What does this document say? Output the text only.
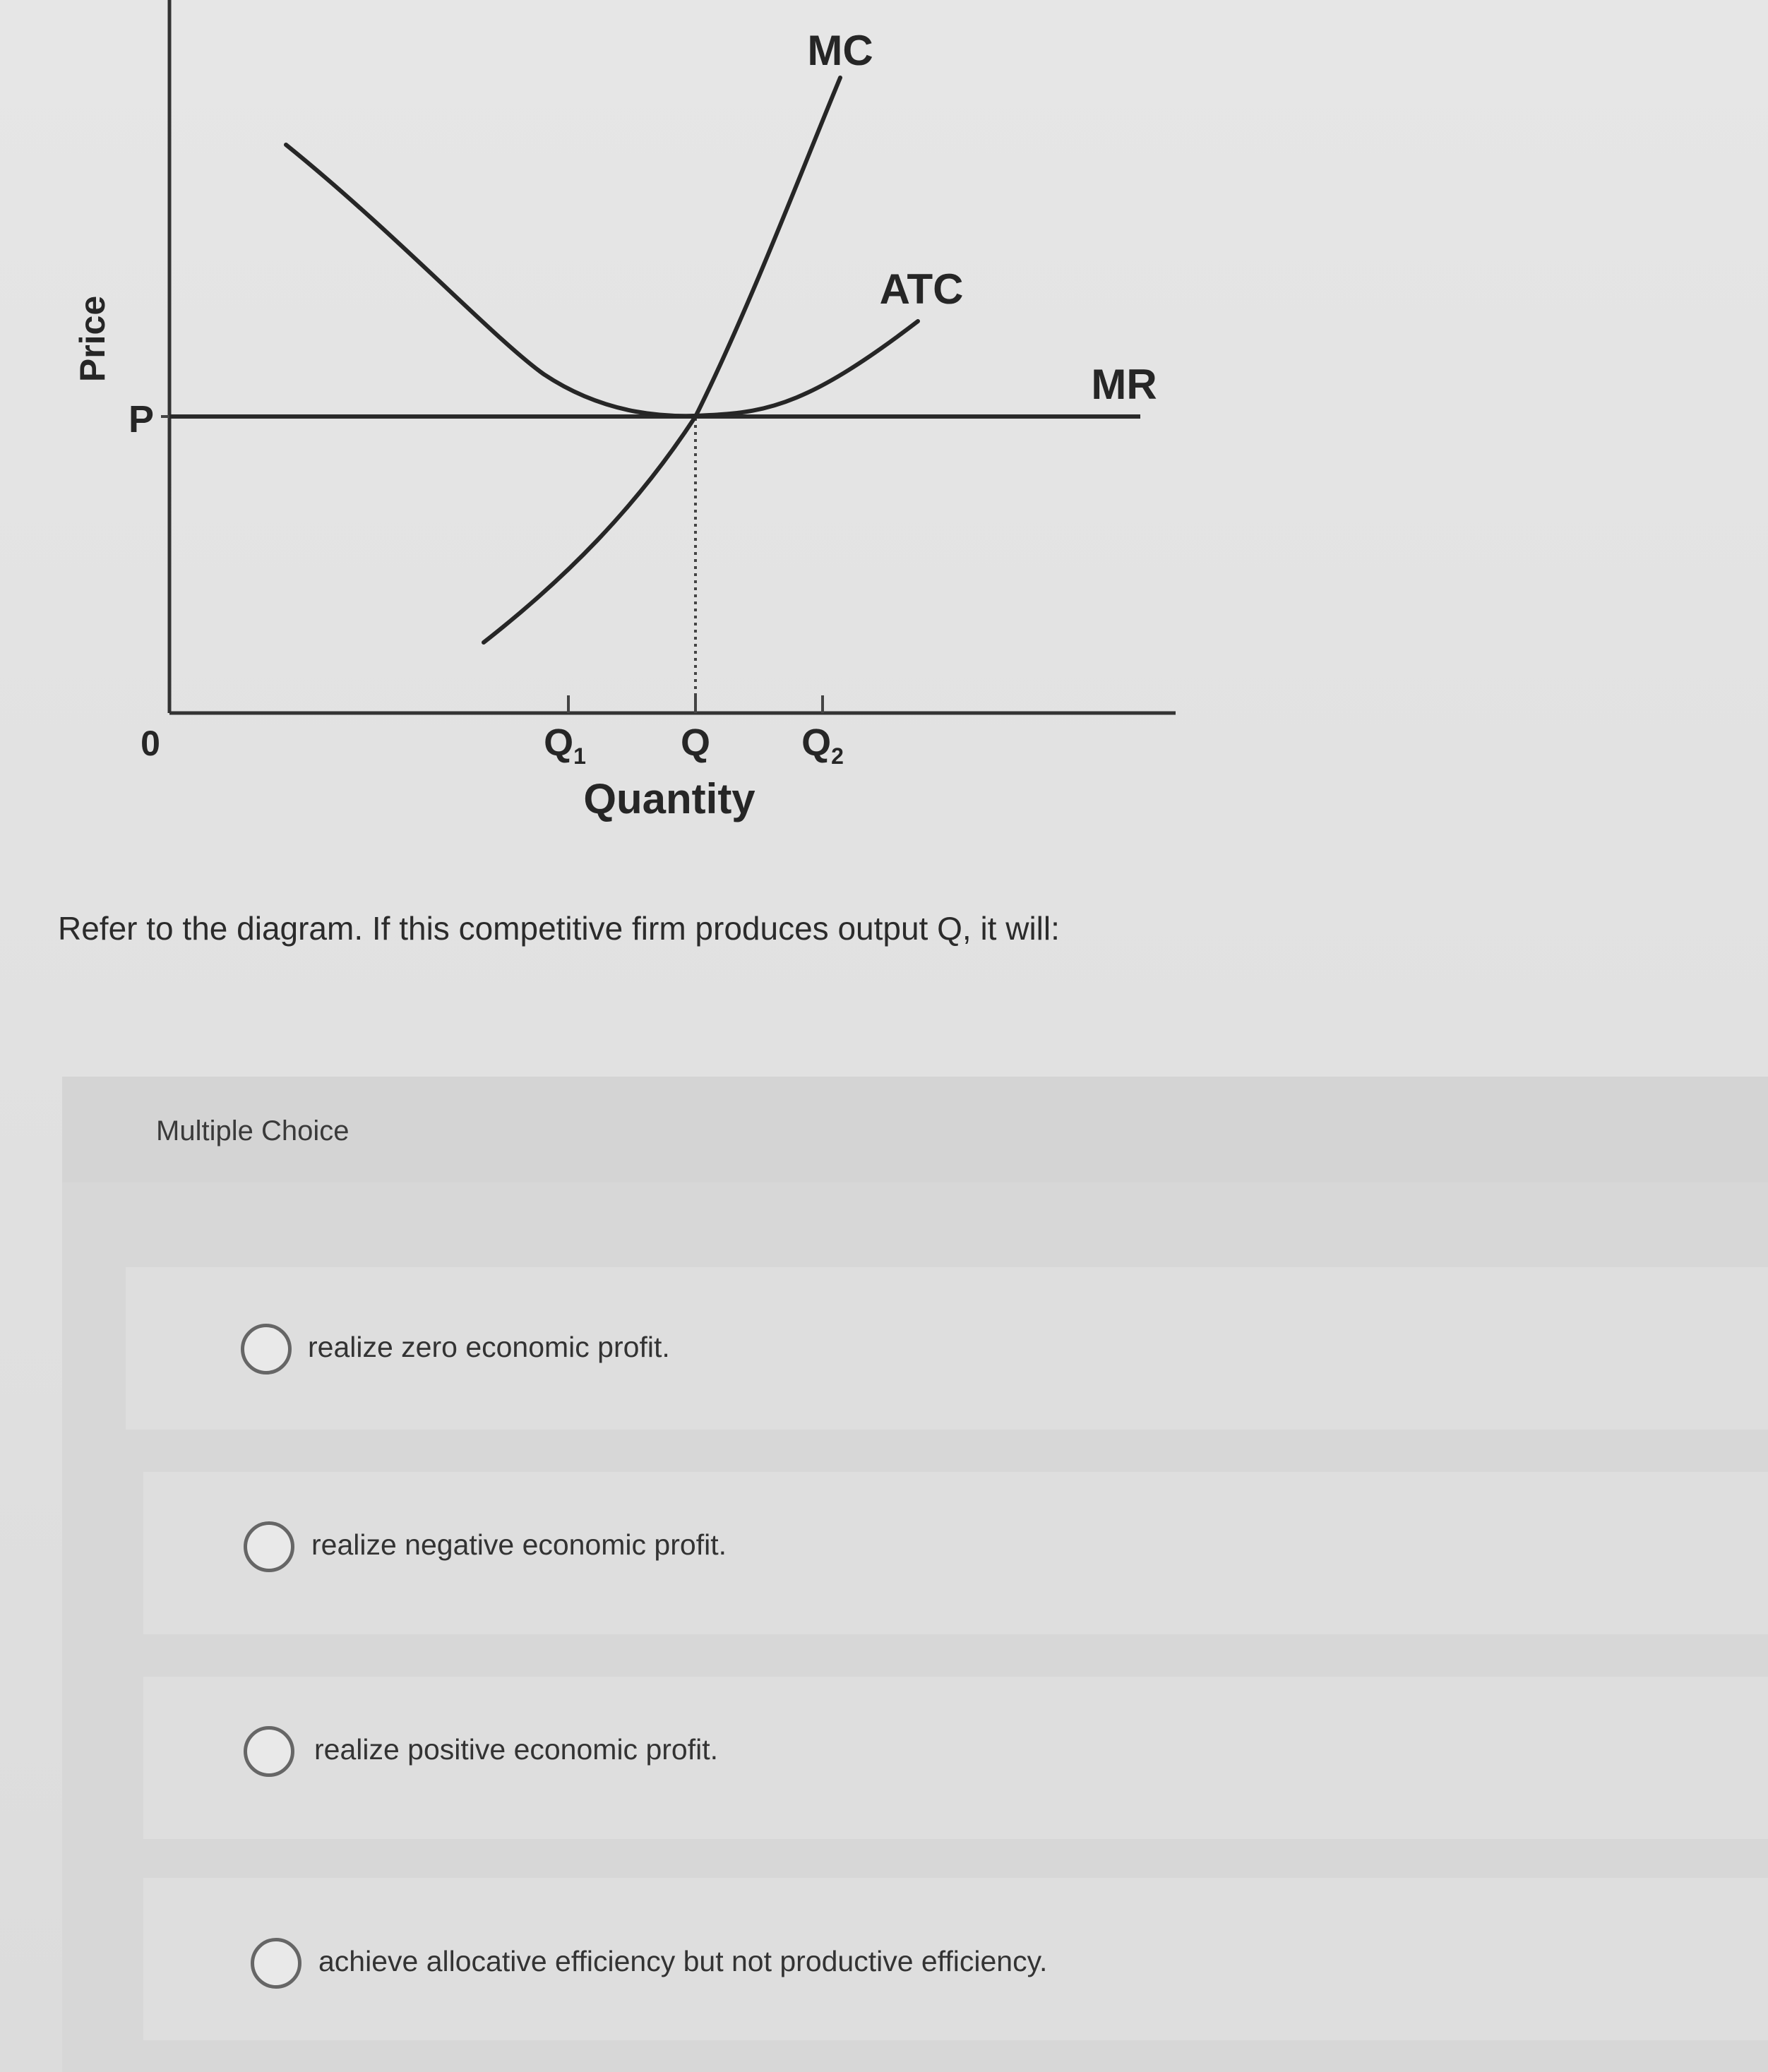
MC
ATC
MR
Price
P
0	$Q_1$ Q $Q_2$
Quantity
Refer to the diagram. If this competitive firm produces output Q, it will:
Multiple Choice
realize zero economic profit.
realize negative economic profit.
realize positive economic profit.
achieve allocative efficiency but not productive efficiency.
